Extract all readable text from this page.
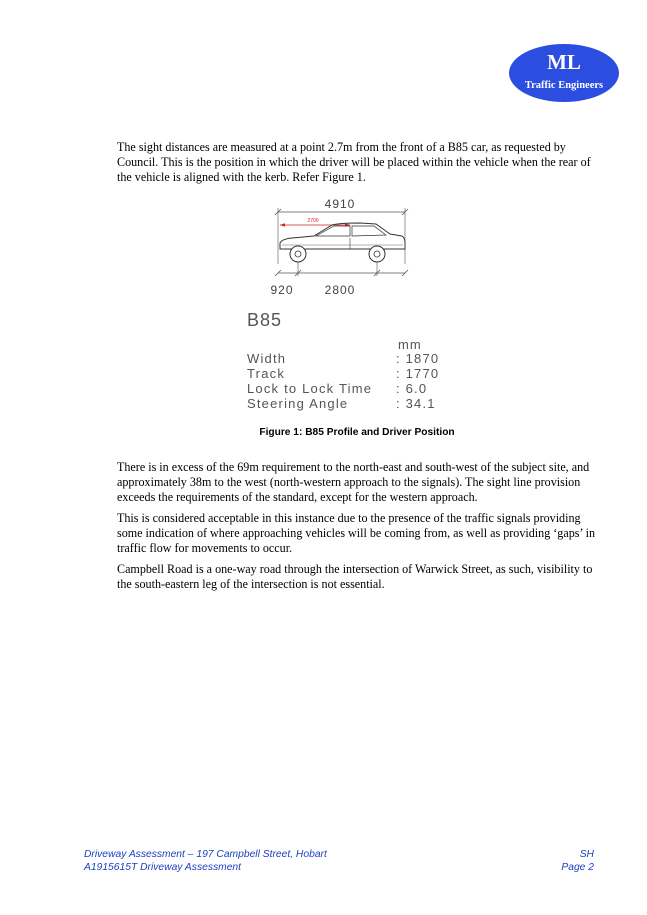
ML
Traffic Engineers

The sight distances are measured at a point 2.7m from the front of a B85 car, as requested by Council. This is the position in which the driver will be placed within the vehicle when the rear of the vehicle is aligned with the kerb. Refer Figure 1.

4910
2700
920	2800
B85
mm
Width	: 1870
Track	: 1770
Lock to Lock Time : 6.0
Steering Angle	: 34.1
Figure 1: B85 Profile and Driver Position

There is in excess of the 69m requirement to the north-east and south-west of the subject site, and approximately 38m to the west (north-western approach to the signals). The sight line provision exceeds the requirements of the standard, except for the western approach.

This is considered acceptable in this instance due to the presence of the traffic signals providing some indication of where approaching vehicles will be coming from, as well as providing ‘gaps’ in traffic flow for movements to occur.

Campbell Road is a one-way road through the intersection of Warwick Street, as such, visibility to the south-eastern leg of the intersection is not essential.

Driveway Assessment – 197 Campbell Street, Hobart	SH
A1915615T Driveway Assessment	Page 2
